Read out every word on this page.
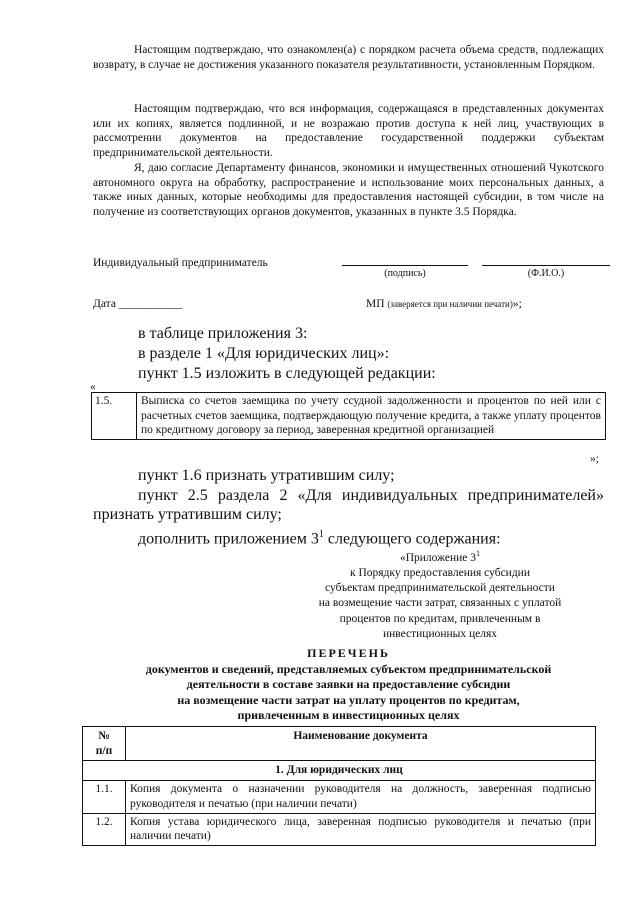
Настоящим подтверждаю, что ознакомлен(а) с порядком расчета объема средств, подлежащих возврату, в случае не достижения указанного показателя результативности, установленным Порядком.
Настоящим подтверждаю, что вся информация, содержащаяся в представленных документах или их копиях, является подлинной, и не возражаю против доступа к ней лиц, участвующих в рассмотрении документов на предоставление государственной поддержки субъектам предпринимательской деятельности.
Я, даю согласие Департаменту финансов, экономики и имущественных отношений Чукотского автономного округа на обработку, распространение и использование моих персональных данных, а также иных данных, которые необходимы для предоставления настоящей субсидии, в том числе на получение из соответствующих органов документов, указанных в пункте 3.5 Порядка.
Индивидуальный предприниматель
(подпись)	(Ф.И.О.)
Дата ___________	МП (заверяется при наличии печати)»;
в таблице приложения 3:
в разделе 1 «Для юридических лиц»:
пункт 1.5 изложить в следующей редакции:
«
1.5.	Выписка со счетов заемщика по учету ссудной задолженности и процентов по ней или с расчетных счетов заемщика, подтверждающую получение кредита, а также уплату процентов по кредитному договору за период, заверенная кредитной организацией
»;
пункт 1.6 признать утратившим силу;
пункт 2.5 раздела 2 «Для индивидуальных предпринимателей»
признать утратившим силу;
дополнить приложением $3^1$ следующего содержания:
«Приложение $3^1$
к Порядку предоставления субсидии
субъектам предпринимательской деятельности
на возмещение части затрат, связанных с уплатой
процентов по кредитам, привлеченным в
инвестиционных целях
ПЕРЕЧЕНЬ
документов и сведений, представляемых субъектом предпринимательской
деятельности в составе заявки на предоставление субсидии
на возмещение части затрат на уплату процентов по кредитам,
привлеченным в инвестиционных целях
№
п/п	Наименование документа
1. Для юридических лиц	
1.1.	Копия документа о назначении руководителя на должность, заверенная подписью руководителя и печатью (при наличии печати)
1.2.	Копия устава юридического лица, заверенная подписью руководителя и печатью (при наличии печати)
